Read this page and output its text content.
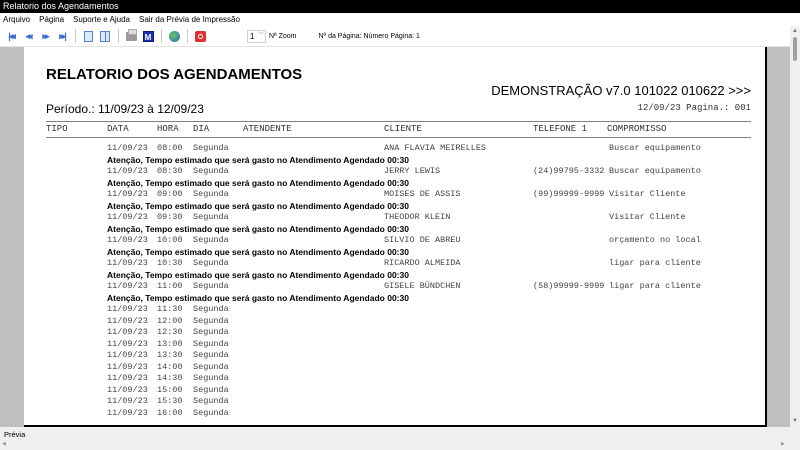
Relatorio dos Agendamentos
Arquivo Página Suporte e Ajuda Sair da Prévia de Impressão
|◂◂ ◂◂ ▸▸ ▸▸|	M	1 ﹀ Nª Zoom	Nª da Página: Número Página: 1
▲
▼
RELATORIO DOS AGENDAMENTOS
DEMONSTRAÇÃO v7.0 101022 010622 >>>
Período.: 11/09/23 à 12/09/23	12/09/23 Pagina.: 001
TIPO	DATA	HORA DIA	ATENDENTE	CLIENTE	TELEFONE 1 COMPROMISSO
11/09/23 08:00 Segunda	ANA FLAVIA MEIRELLES	Buscar equipamento
Atenção, Tempo estimado que será gasto no Atendimento Agendado 00:30
11/09/23 08:30 Segunda	JERRY LEWIS	(24)99795-3332 Buscar equipamento
Atenção, Tempo estimado que será gasto no Atendimento Agendado 00:30
11/09/23 09:00 Segunda	MOISES DE ASSIS	(99)99999-9999 Visitar Cliente
Atenção, Tempo estimado que será gasto no Atendimento Agendado 00:30
11/09/23 09:30 Segunda	THEODOR KLEIN	Visitar Cliente
Atenção, Tempo estimado que será gasto no Atendimento Agendado 00:30
11/09/23 10:00 Segunda	SILVIO DE ABREU	orçamento no local
Atenção, Tempo estimado que será gasto no Atendimento Agendado 00:30
11/09/23 10:30 Segunda	RICARDO ALMEIDA	ligar para cliente
Atenção, Tempo estimado que será gasto no Atendimento Agendado 00:30
11/09/23 11:00 Segunda	GISELE BÜNDCHEN	(58)99999-9999 ligar para cliente
Atenção, Tempo estimado que será gasto no Atendimento Agendado 00:30
11/09/23 11:30 Segunda
11/09/23 12:00 Segunda
11/09/23 12:30 Segunda
11/09/23 13:00 Segunda
11/09/23 13:30 Segunda
11/09/23 14:00 Segunda
11/09/23 14:30 Segunda
11/09/23 15:00 Segunda
11/09/23 15:30 Segunda
11/09/23 16:00 Segunda
Prévia
◀	▶
